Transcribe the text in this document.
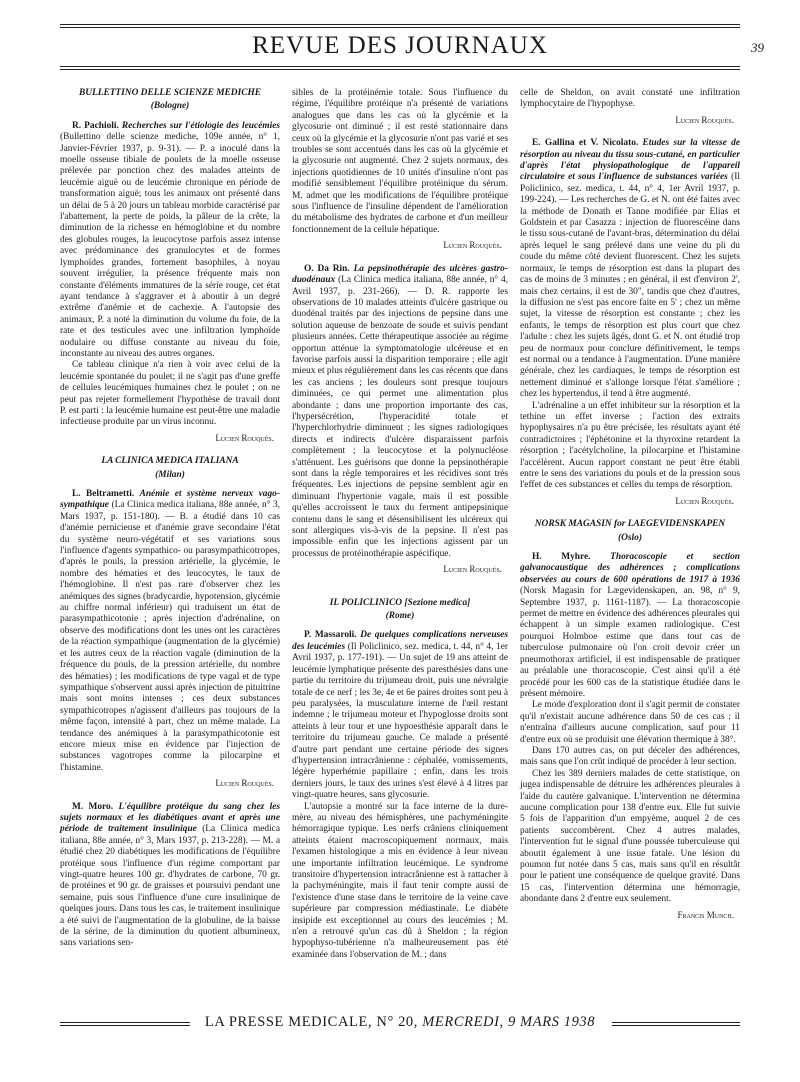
REVUE DES JOURNAUX	39
BULLETTINO DELLE SCIENZE MEDICHE
(Bologne)

R. Pachioli. Recherches sur l'étiologie des leucémies (Bullettino delle scienze mediche, 109e année, n° 1, Janvier-Février 1937, p. 9-31). — P. a inoculé dans la moelle osseuse tibiale de poulets de la moelle osseuse prélevée par ponction chez des malades atteints de leucémie aiguë ou de leucémie chronique en période de transformation aiguë; tous les animaux ont présenté dans un délai de 5 à 20 jours un tableau morbide caractérisé par l'abattement, la perte de poids, la pâleur de la crête, la diminution de la richesse en hémoglobine et du nombre des globules rouges, la leucocytose parfois assez intense avec prédominance des granulocytes et de formes lymphoïdes grandes, fortement basophiles, à noyau souvent irrégulier, la présence fréquente mais non constante d'éléments immatures de la série rouge, cet état ayant tendance à s'aggraver et à aboutir à un degré extrême d'anémie et de cachexie. A l'autopsie des animaux, P. a noté la diminution du volume du foie, de la rate et des testicules avec une infiltration lymphoïde nodulaire ou diffuse constante au niveau du foie, inconstante au niveau des autres organes.

Ce tableau clinique n'a rien à voir avec celui de la leucémie spontanée du poulet; il ne s'agit pas d'une greffe de cellules leucémiques humaines chez le poulet ; on ne peut pas rejeter formellement l'hypothèse de travail dont P. est parti : la leucémie humaine est peut-être une maladie infectieuse produite par un virus inconnu.

Lucien Rouquès.
LA CLINICA MEDICA ITALIANA
(Milan)

L. Beltrametti. Anémie et système nerveux vago-sympathique (La Clinica medica italiana, 88e année, n° 3, Mars 1937, p. 151-180). — B. a étudié dans 10 cas d'anémie pernicieuse et d'anémie grave secondaire l'état du système neuro-végétatif et ses variations sous l'influence d'agents sympathico- ou parasympathicotropes, d'après le pouls, la pression artérielle, la glycémie, le nombre des hématies et des leucocytes, le taux de l'hémoglobine. Il n'est pas rare d'observer chez les anémiques des signes (bradycardie, hypotension, glycémie au chiffre normal inférieur) qui traduisent un état de parasympathicotonie ; après injection d'adrénaline, on observe des modifications dont les unes ont les caractères de la réaction sympathique (augmentation de la glycémie) et les autres ceux de la réaction vagale (diminution de la fréquence du pouls, de la pression artérielle, du nombre des hématies) ; les modifications de type vagal et de type sympathique s'observent aussi après injection de pituitrine mais sont moins intenses ; ces deux substances sympathicotropes n'agissent d'ailleurs pas toujours de la même façon, intensité à part, chez un même malade. La tendance des anémiques à la parasympathicotonie est encore mieux mise en évidence par l'injection de substances vagotropes comme la pilocarpine et l'histamine.

Lucien Rouquès.

M. Moro. L'équilibre protéique du sang chez les sujets normaux et les diabétiques avant et après une période de traitement insulinique (La Clinica medica italiana, 88e année, n° 3, Mars 1937, p. 213-228). — M. a étudié chez 20 diabétiques les modifications de l'équilibre protéique sous l'influence d'un régime comportant par vingt-quatre heures 100 gr. d'hydrates de carbone, 70 gr. de protéines et 90 gr. de graisses et poursuivi pendant une semaine, puis sous l'influence d'une cure insulinique de quelques jours. Dans tous les cas, le traitement insulinique a été suivi de l'augmentation de la globuline, de la baisse de la sérine, de la diminution du quotient albumineux, sans variations sen-

sibles de la protéinémie totale. Sous l'influence du régime, l'équilibre protéique n'a présenté de variations analogues que dans les cas où la glycémie et la glycosurie ont diminué ; il est resté stationnaire dans ceux où la glycémie et la glycosurie n'ont pas varié et ses troubles se sont accentués dans les cas où la glycémie et la glycosurie ont augmenté. Chez 2 sujets normaux, des injections quotidiennes de 10 unités d'insuline n'ont pas modifié sensiblement l'équilibre protéinique du sérum. M. admet que les modifications de l'équilibre protéique sous l'influence de l'insuline dépendent de l'amélioration du métabolisme des hydrates de carbone et d'un meilleur fonctionnement de la cellule hépatique.

Lucien Rouquès.

O. Da Rin. La pepsinothérapie des ulcères gastro-duodénaux (La Clinica medica italiana, 88e année, n° 4, Avril 1937, p. 231-266). — D. R. rapporte les observations de 10 malades atteints d'ulcère gastrique ou duodénal traités par des injections de pepsine dans une solution aqueuse de benzoate de soude et suivis pendant plusieurs années. Cette thérapeutique associée au régime opportun atténue la symptomatologie ulcéreuse et en favorise parfois aussi la disparition temporaire ; elle agit mieux et plus régulièrement dans les cas récents que dans les cas anciens ; les douleurs sont presque toujours diminuées, ce qui permet une alimentation plus abondante ; dans une proportion importante des cas, l'hypersécrétion, l'hyperacidité totale et l'hyperchlorhydrie diminuent ; les signes radiologiques directs et indirects d'ulcère disparaissent parfois complètement ; la leucocytose et la polynucléose s'atténuent. Les guérisons que donne la pepsinothérapie sont dans la règle temporaires et les récidives sont très fréquentes. Les injections de pepsine semblent agir en diminuant l'hypertonie vagale, mais il est possible qu'elles accroissent le taux du ferment antipepsinique contenu dans le sang et désensibilisent les ulcéreux qui sont allergiques vis-à-vis de la pepsine. Il n'est pas impossible enfin que les injections agissent par un processus de protéinothérapie aspécifique.

Lucien Rouquès.
IL POLICLINICO [Sezione medica]
(Rome)

P. Massaroli. De quelques complications nerveuses des leucémies (Il Policlinico, sez. medica, t. 44, n° 4, 1er Avril 1937, p. 177-191). — Un sujet de 19 ans atteint de leucémie lymphatique présente des paresthésies dans une partie du territoire du trijumeau droit, puis une névralgie totale de ce nerf ; les 3e, 4e et 6e paires droites sont peu à peu paralysées, la musculature interne de l'œil restant indemne ; le trijumeau moteur et l'hypoglosse droits sont atteints à leur tour et une hypoesthésie apparaît dans le territoire du trijumeau gauche. Ce malade a présenté d'autre part pendant une certaine période des signes d'hypertension intracrânienne : céphalée, vomissements, légère hyperhémie papillaire ; enfin, dans les trois derniers jours, le taux des urines s'est élevé à 4 litres par vingt-quatre heures, sans glycosurie.

L'autopsie a montré sur la face interne de la dure-mère, au niveau des hémisphères, une pachyméningite hémorragique typique. Les nerfs crâniens cliniquement atteints étaient macroscopiquement normaux, mais l'examen histologique a mis en évidence à leur niveau une importante infiltration leucémique. Le syndrome transitoire d'hypertension intracrânienne est à rattacher à la pachyméningite, mais il faut tenir compte aussi de l'existence d'une stase dans le territoire de la veine cave supérieure par compression médiastinale. Le diabète insipide est exceptionnel au cours des leucémies ; M. n'en a retrouvé qu'un cas dû à Sheldon ; la région hypophyso-tubérienne n'a malheureusement pas été examinée dans l'observation de M. ; dans

celle de Sheldon, on avait constaté une infiltration lymphocytaire de l'hypophyse.

Lucien Rouquès.

E. Gallina et V. Nicolato. Etudes sur la vitesse de résorption au niveau du tissu sous-cutané, en particulier d'après l'état physiopathologique de l'appareil circulatoire et sous l'influence de substances variées (Il Policlinico, sez. medica, t. 44, n° 4, 1er Avril 1937, p. 199-224). — Les recherches de G. et N. ont été faites avec la méthode de Donath et Tanne modifiée par Elias et Goldstein et par Casazza : injection de fluorescéine dans le tissu sous-cutané de l'avant-bras, détermination du délai après lequel le sang prélevé dans une veine du pli du coude du même côté devient fluorescent. Chez les sujets normaux, le temps de résorption est dans la plupart des cas de moins de 3 minutes ; en général, il est d'environ 2', mais chez certains, il est de 30", tandis que chez d'autres, la diffusion ne s'est pas encore faite en 5' ; chez un même sujet, la vitesse de résorption est constante ; chez les enfants, le temps de résorption est plus court que chez l'adulte : chez les sujets âgés, dont G. et N. ont étudié trop peu de normaux pour conclure définitivement, le temps est normal ou a tendance à l'augmentation. D'une manière générale, chez les cardiaques, le temps de résorption est nettement diminué et s'allonge lorsque l'état s'améliore ; chez les hypertendus, il tend à être augmenté.

L'adrénaline a un effet inhibiteur sur la résorption et la tethine un effet inverse ; l'action des extraits hypophysaires n'a pu être précisée, les résultats ayant été contradictoires ; l'éphétonine et la thyroxine retardent la résorption ; l'acétylcholine, la pilocarpine et l'histamine l'accélèrent. Aucun rapport constant ne peut être établi entre le sens des variations du pouls et de la pression sous l'effet de ces substances et celles du temps de résorption.

Lucien Rouquès.
NORSK MAGASIN for LAEGEVIDENSKAPEN
(Oslo)

H. Myhre. Thoracoscopie et section galvanocaustique des adhérences ; complications observées au cours de 600 opérations de 1917 à 1936 (Norsk Magasin for Lægevidenskapen, an. 98, n° 9, Septembre 1937, p. 1161-1187). — La thoracoscopie permet de mettre en évidence des adhérences pleurales qui échappent à un simple examen radiologique. C'est pourquoi Holmboe estime que dans tout cas de tuberculose pulmonaire où l'on croit devoir créer un pneumothorax artificiel, il est indispensable de pratiquer au préalable une thoracoscopie. C'est ainsi qu'il a été procédé pour les 600 cas de la statistique étudiée dans le présent mémoire.

Le mode d'exploration dont il s'agit permit de constater qu'il n'existait aucune adhérence dans 50 de ces cas ; il n'entraîna d'ailleurs aucune complication, sauf pour 11 d'entre eux où se produisit une élévation thermique à 38°.

Dans 170 autres cas, on put déceler des adhérences, mais sans que l'on crût indiqué de procéder à leur section.

Chez les 389 derniers malades de cette statistique, on jugea indispensable de détruire les adhérences pleurales à l'aide du cautère galvanique. L'intervention ne détermina aucune complication pour 138 d'entre eux. Elle fut suivie 5 fois de l'apparition d'un empyème, auquel 2 de ces patients succombèrent. Chez 4 autres malades, l'intervention fut le signal d'une poussée tuberculeuse qui aboutit également à une issue fatale. Une lésion du poumon fut notée dans 5 cas, mais sans qu'il en résultât pour le patient une conséquence de quelque gravité. Dans 15 cas, l'intervention détermina une hémorragie, abondante dans 2 d'entre eux seulement.

Francis Munch.
LA PRESSE MEDICALE, N° 20, MERCREDI, 9 MARS 1938
